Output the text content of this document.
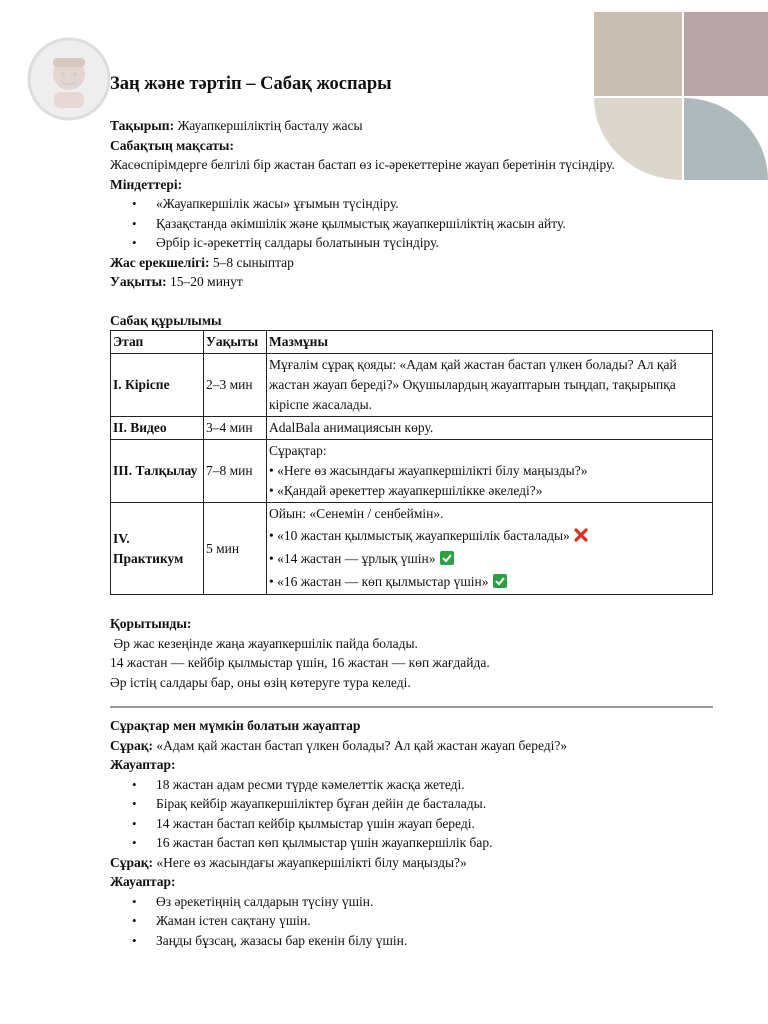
Заң және тәртіп – Сабақ жоспары

Тақырып: Жауапкершіліктің басталу жасы

Сабақтың мақсаты:

Жасөспірімдерге белгілі бір жастан бастап өз іс-әрекеттеріне жауап беретінін түсіндіру.

Міндеттері:

• «Жауапкершілік жасы» ұғымын түсіндіру.
• Қазақстанда әкімшілік және қылмыстық жауапкершіліктің жасын айту.
• Әрбір іс-әрекеттің салдары болатынын түсіндіру.

Жас ерекшелігі: 5–8 сыныптар

Уақыты: 15–20 минут

Сабақ құрылымы

Этап	Уақыты	Мазмұны
I. Кіріспе	2–3 мин	Мұғалім сұрақ қояды: «Адам қай жастан бастап үлкен болады? Ал қай жастан жауап береді?» Оқушылардың жауаптарын тыңдап, тақырыпқа кіріспе жасалады.
II. Видео	3–4 мин	AdalBala анимациясын көру.
III. Талқылау	7–8 мин	Сұрақтар:
• «Неге өз жасындағы жауапкершілікті білу маңызды?»
• «Қандай әрекеттер жауапкершілікке әкеледі?»

IV. Практикум	5 мин	Ойын: «Сенемін / сенбеймін».
• «10 жастан қылмыстық жауапкершілік басталады»
• «14 жастан — ұрлық үшін»
• «16 жастан — көп қылмыстар үшін»

Қорытынды:

Әр жас кезеңінде жаңа жауапкершілік пайда болады.

14 жастан — кейбір қылмыстар үшін, 16 жастан — көп жағдайда.

Әр істің салдары бар, оны өзің көтеруге тура келеді.

Сұрақтар мен мүмкін болатын жауаптар

Сұрақ: «Адам қай жастан бастап үлкен болады? Ал қай жастан жауап береді?»

Жауаптар:

• 18 жастан адам ресми түрде кәмелеттік жасқа жетеді.
• Бірақ кейбір жауапкершіліктер бұған дейін де басталады.
• 14 жастан бастап кейбір қылмыстар үшін жауап береді.
• 16 жастан бастап көп қылмыстар үшін жауапкершілік бар.

Сұрақ: «Неге өз жасындағы жауапкершілікті білу маңызды?»

Жауаптар:

• Өз әрекетіңнің салдарын түсіну үшін.
• Жаман істен сақтану үшін.
• Заңды бұзсаң, жазасы бар екенін білу үшін.
